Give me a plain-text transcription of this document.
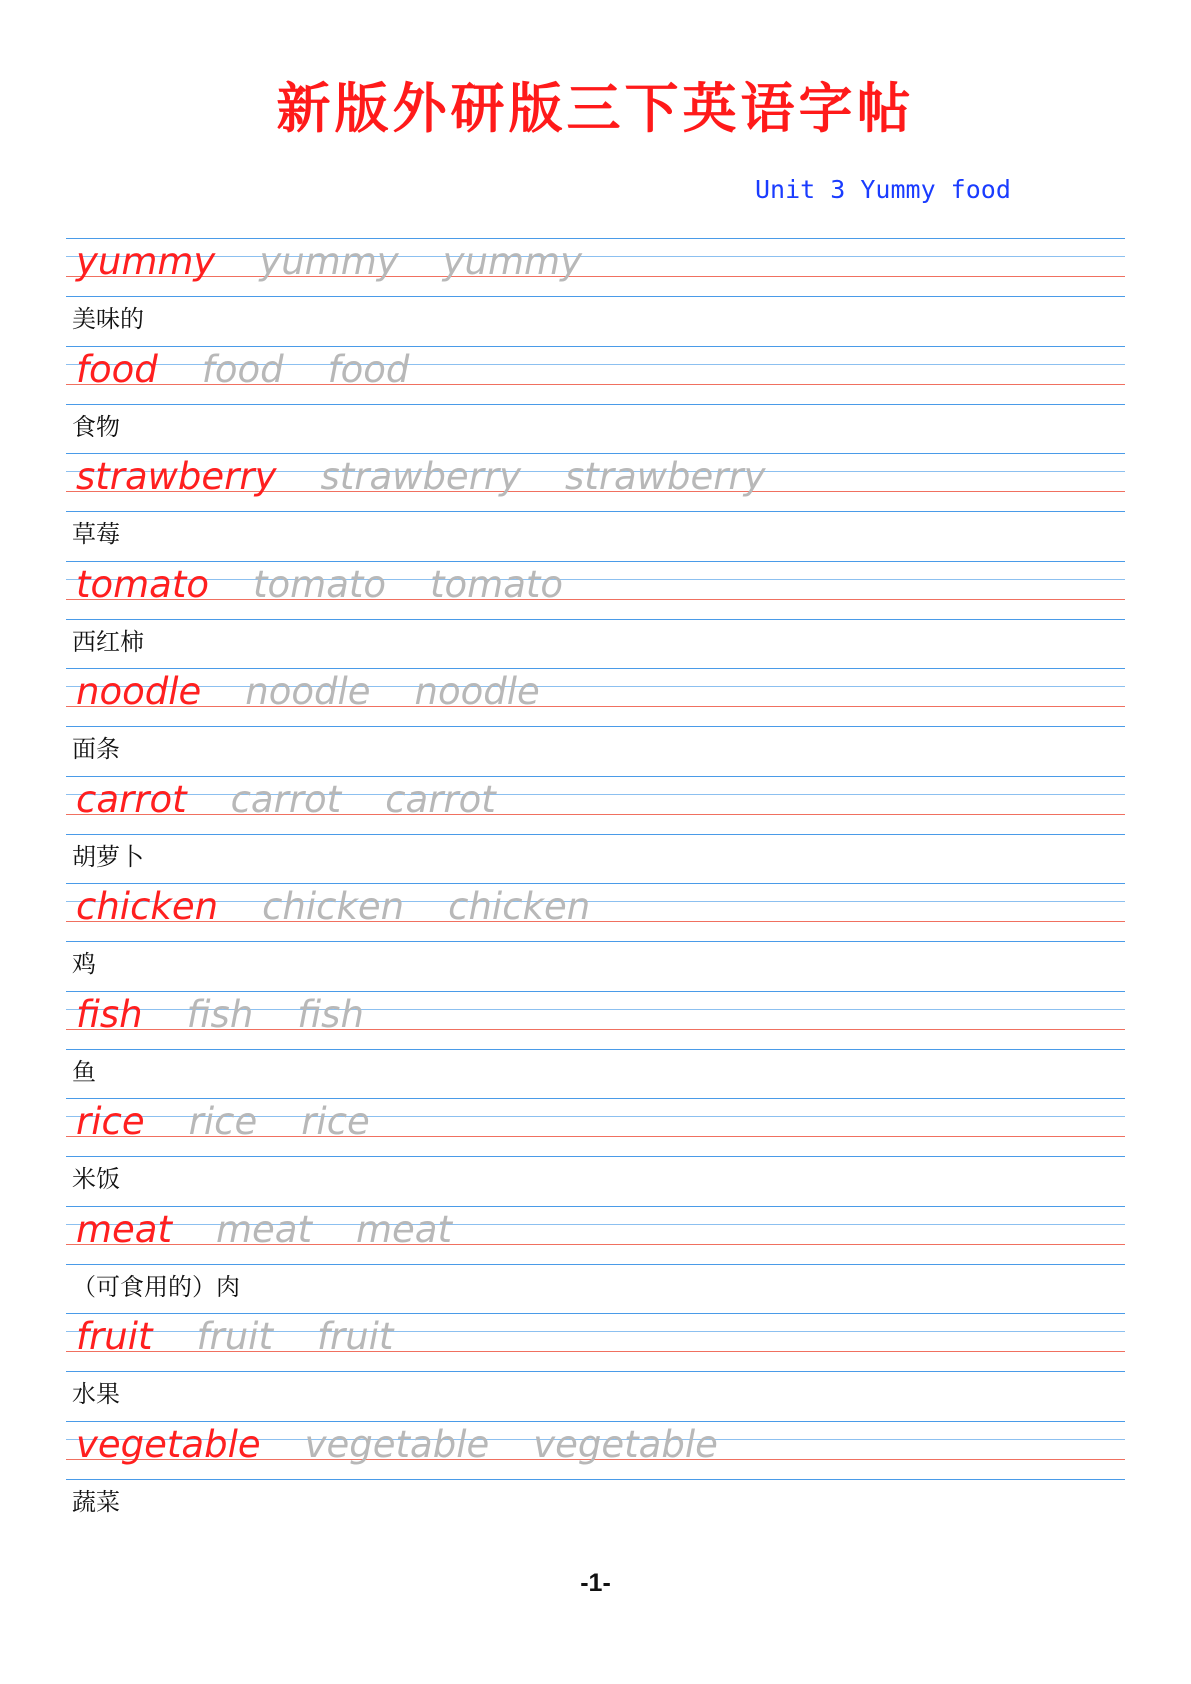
新版外研版三下英语字帖
Unit 3 Yummy food
yummy yummy yummy
美味的
food food food
食物
strawberry strawberry strawberry
草莓
tomato tomato tomato
西红柿
noodle noodle noodle
面条
carrot carrot carrot
胡萝卜
chicken chicken chicken
鸡
fish fish fish
鱼
rice rice rice
米饭
meat meat meat
（可食用的）肉
fruit fruit fruit
水果
vegetable vegetable vegetable
蔬菜
-1-
